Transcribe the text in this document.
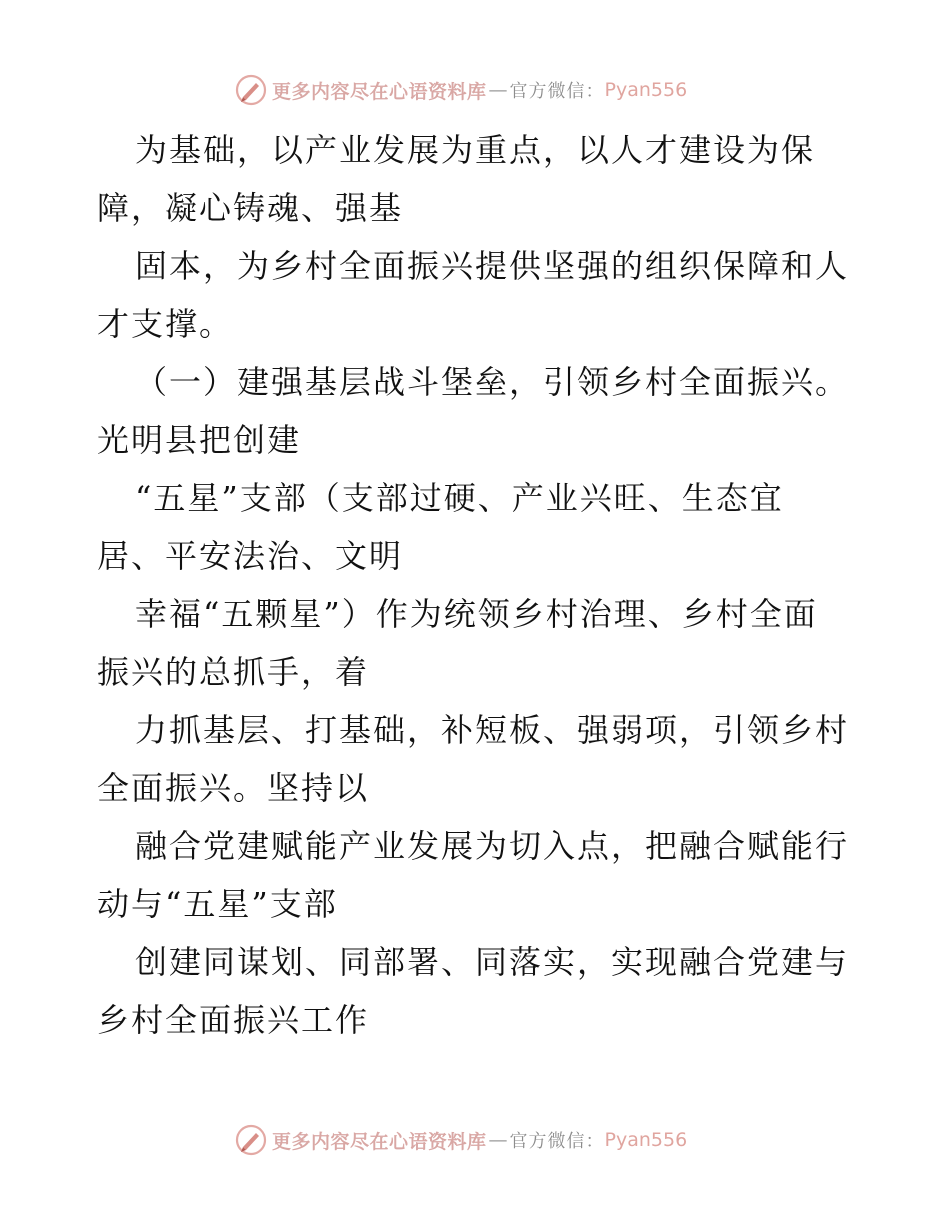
更多内容尽在心语资料库 — 官方微信： Pyan556

为基础，以产业发展为重点，以人才建设为保

障，凝心铸魂、强基

固本，为乡村全面振兴提供坚强的组织保障和人

才支撑。

（一）建强基层战斗堡垒，引领乡村全面振兴。

光明县把创建

“五星”支部（支部过硬、产业兴旺、生态宜

居、平安法治、文明

幸福“五颗星”）作为统领乡村治理、乡村全面

振兴的总抓手，着

力抓基层、打基础，补短板、强弱项，引领乡村

全面振兴。坚持以

融合党建赋能产业发展为切入点，把融合赋能行

动与“五星”支部

创建同谋划、同部署、同落实，实现融合党建与

乡村全面振兴工作

更多内容尽在心语资料库 — 官方微信： Pyan556
